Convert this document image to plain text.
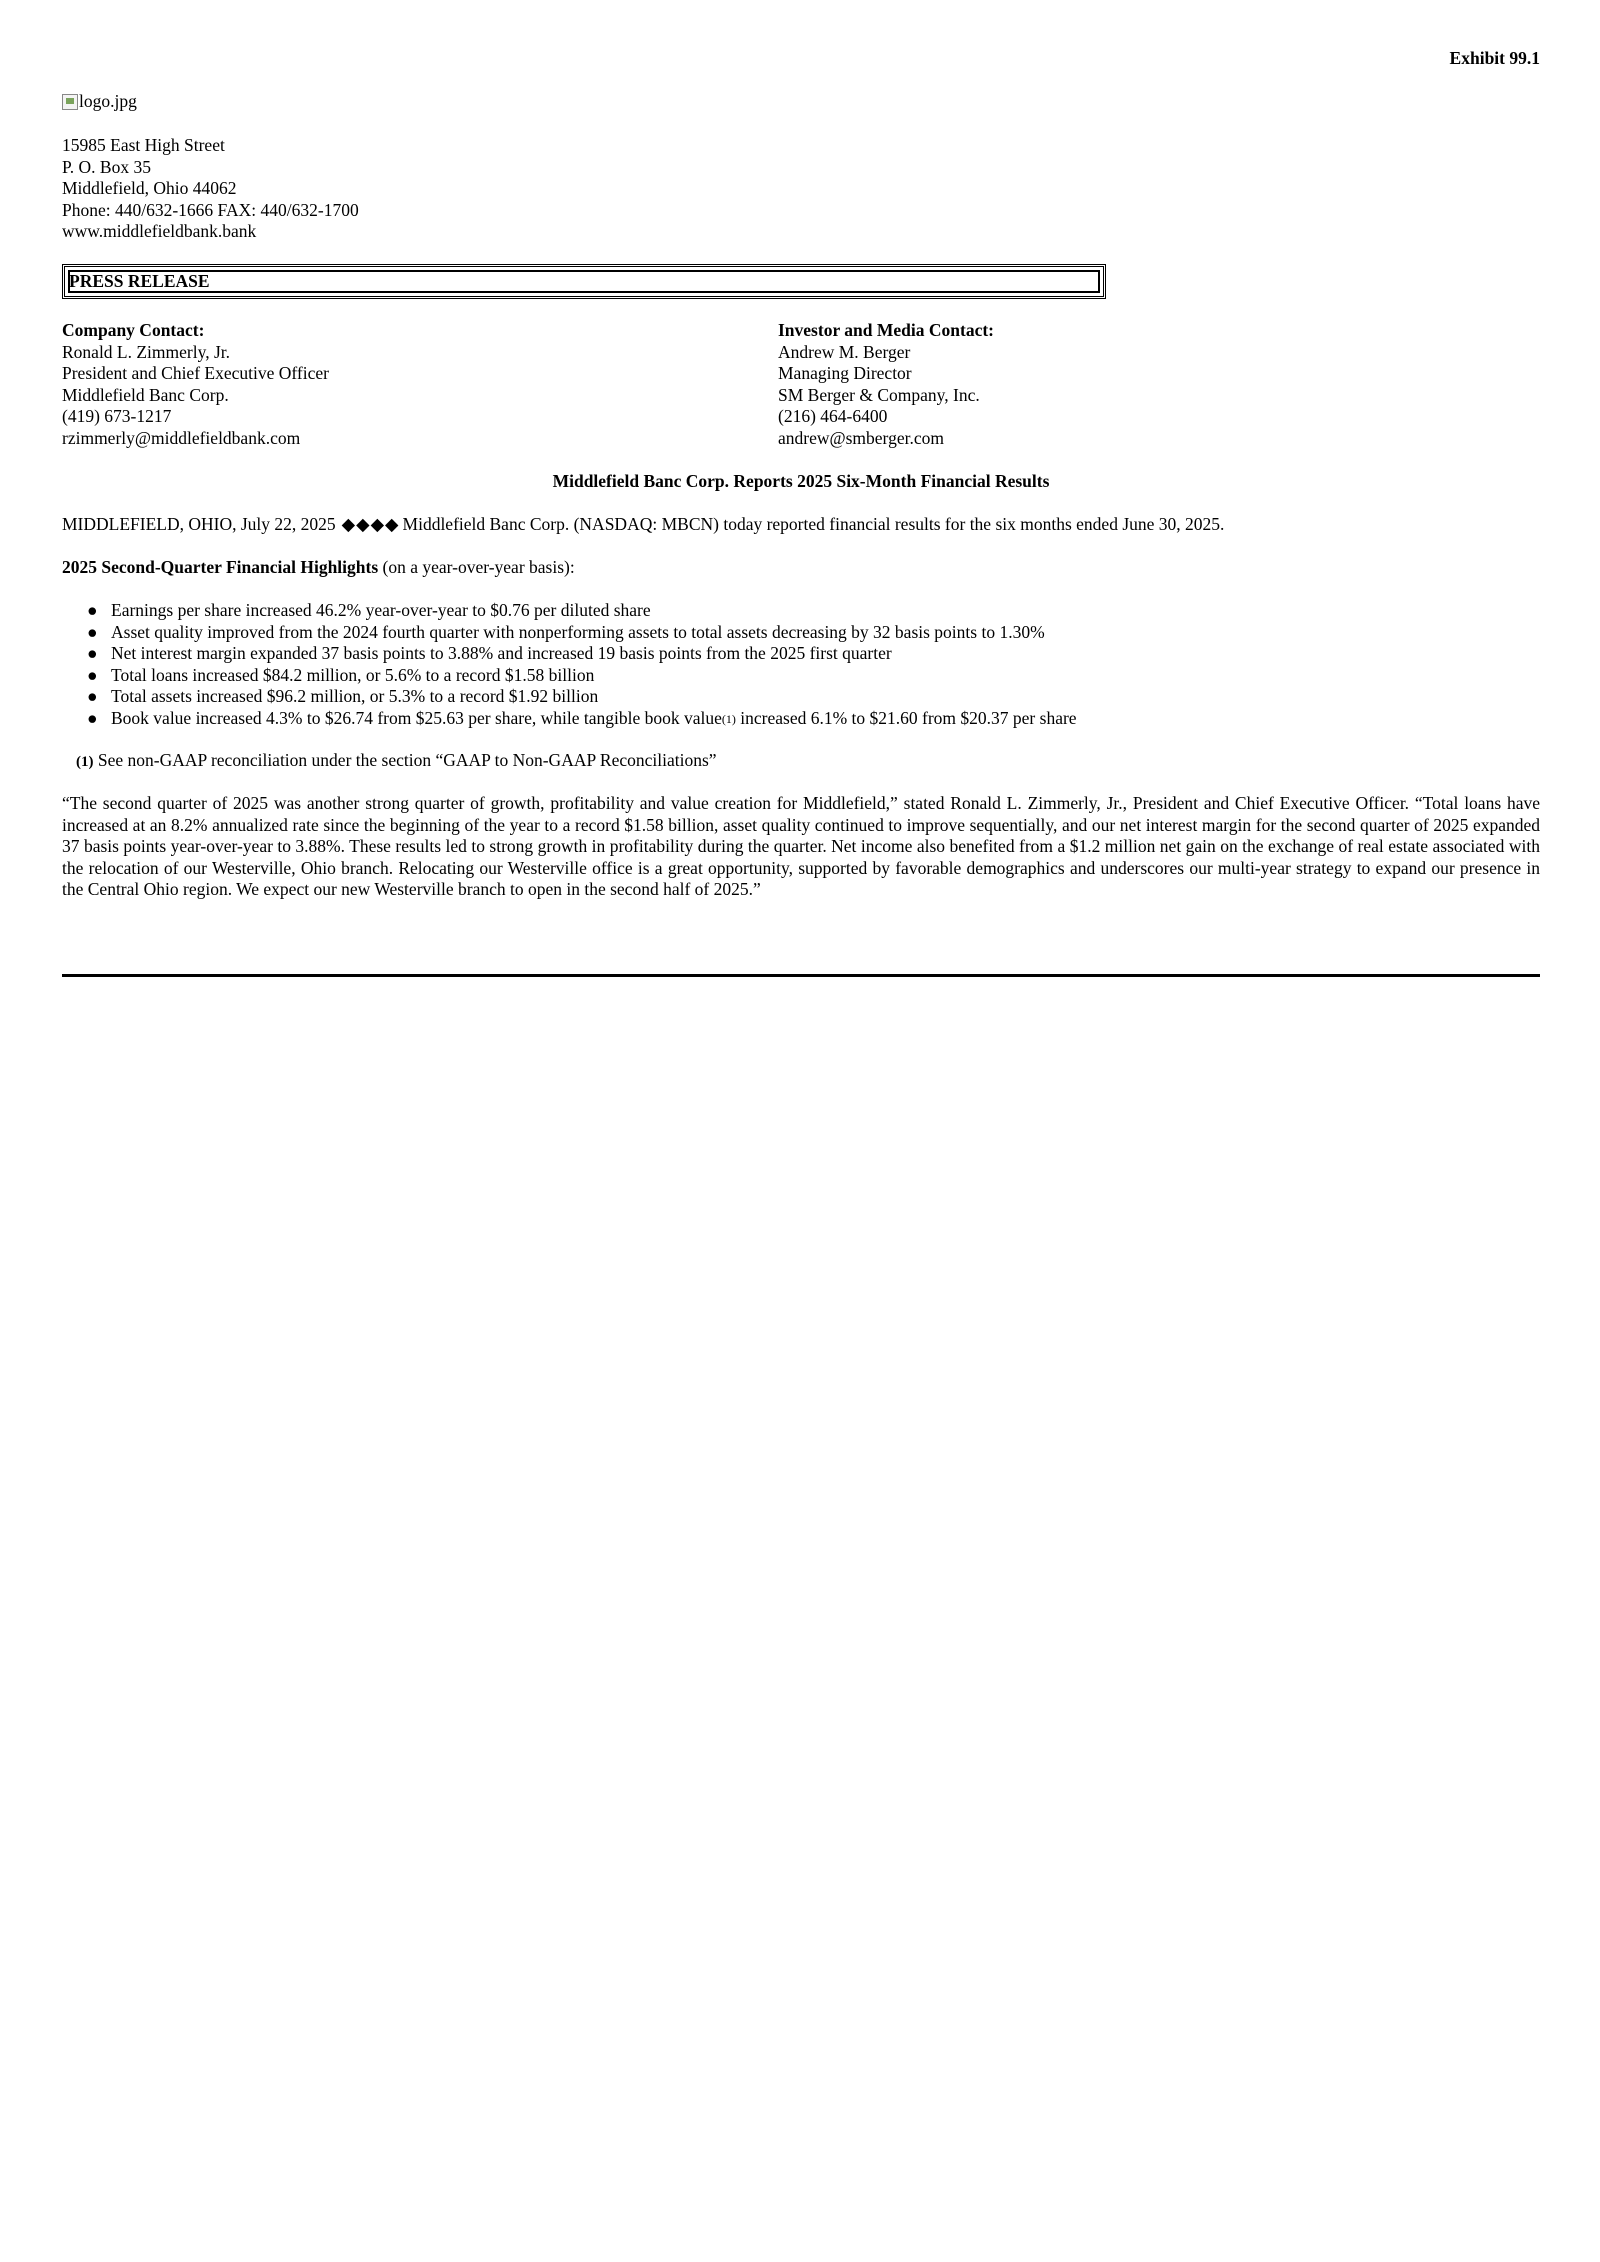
Exhibit 99.1
logo.jpg
15985 East High Street
P. O. Box 35
Middlefield, Ohio 44062
Phone: 440/632-1666 FAX: 440/632-1700
www.middlefieldbank.bank
PRESS RELEASE
Company Contact:
Ronald L. Zimmerly, Jr.
President and Chief Executive Officer
Middlefield Banc Corp.
(419) 673-1217
rzimmerly@middlefieldbank.com
Investor and Media Contact:
Andrew M. Berger
Managing Director
SM Berger & Company, Inc.
(216) 464-6400
andrew@smberger.com
Middlefield Banc Corp. Reports 2025 Six-Month Financial Results
MIDDLEFIELD, OHIO, July 22, 2025 ◆◆◆◆ Middlefield Banc Corp. (NASDAQ: MBCN) today reported financial results for the six months ended June 30, 2025.
2025 Second-Quarter Financial Highlights (on a year-over-year basis):
● Earnings per share increased 46.2% year-over-year to $0.76 per diluted share
● Asset quality improved from the 2024 fourth quarter with nonperforming assets to total assets decreasing by 32 basis points to 1.30%
● Net interest margin expanded 37 basis points to 3.88% and increased 19 basis points from the 2025 first quarter
● Total loans increased $84.2 million, or 5.6% to a record $1.58 billion
● Total assets increased $96.2 million, or 5.3% to a record $1.92 billion
● Book value increased 4.3% to $26.74 from $25.63 per share, while tangible book value$^{(1)}$ increased 6.1% to $21.60 from $20.37 per share
(1) See non-GAAP reconciliation under the section “GAAP to Non-GAAP Reconciliations”

“The second quarter of 2025 was another strong quarter of growth, profitability and value creation for Middlefield,” stated Ronald L. Zimmerly, Jr., President and Chief Executive Officer. “Total loans have increased at an 8.2% annualized rate since the beginning of the year to a record $1.58 billion, asset quality continued to improve sequentially, and our net interest margin for the second quarter of 2025 expanded 37 basis points year-over-year to 3.88%. These results led to strong growth in profitability during the quarter. Net income also benefited from a $1.2 million net gain on the exchange of real estate associated with the relocation of our Westerville, Ohio branch. Relocating our Westerville office is a great opportunity, supported by favorable demographics and underscores our multi-year strategy to expand our presence in the Central Ohio region. We expect our new Westerville branch to open in the second half of 2025.”
